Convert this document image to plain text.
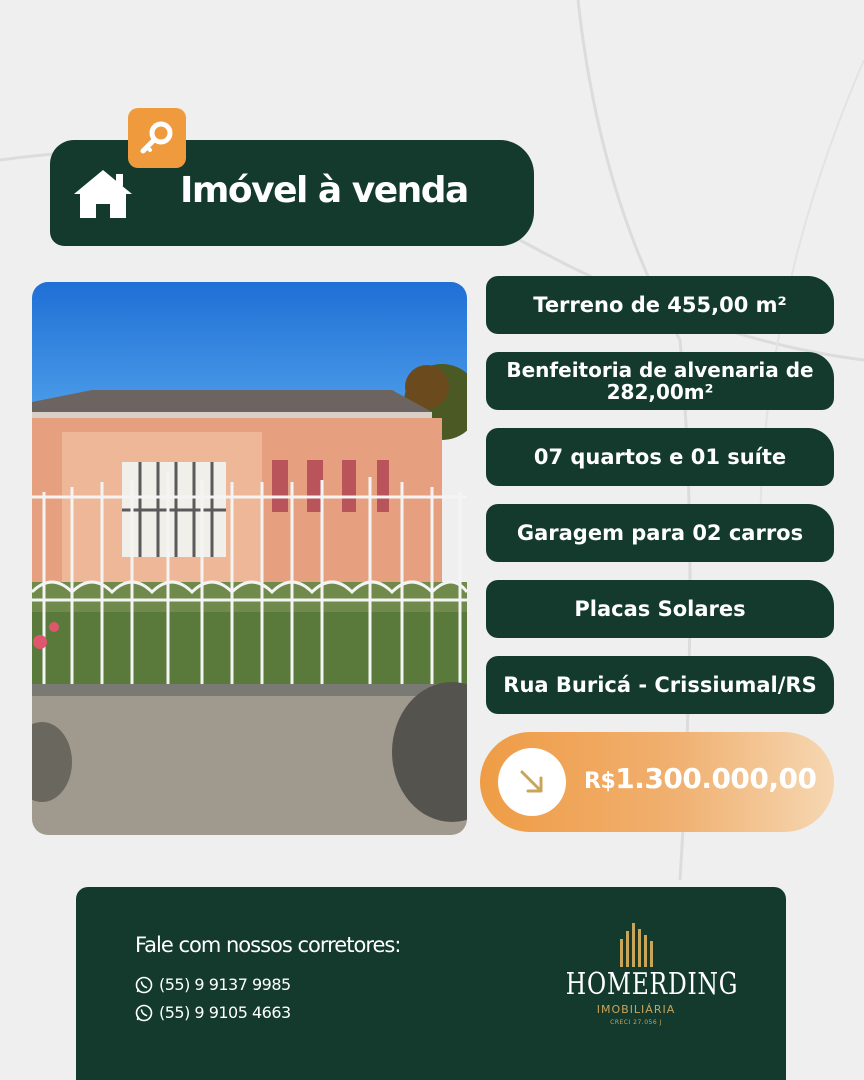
Imóvel à venda
Terreno de 455,00 m²
Benfeitoria de alvenaria de 282,00m²
07 quartos e 01 suíte
Garagem para 02 carros
Placas Solares
Rua Buricá - Crissiumal/RS
R$1.300.000,00
Fale com nossos corretores:
(55) 9 9137 9985
(55) 9 9105 4663
HOMERDING
IMOBILIÁRIA
CRECI 27.056 J
